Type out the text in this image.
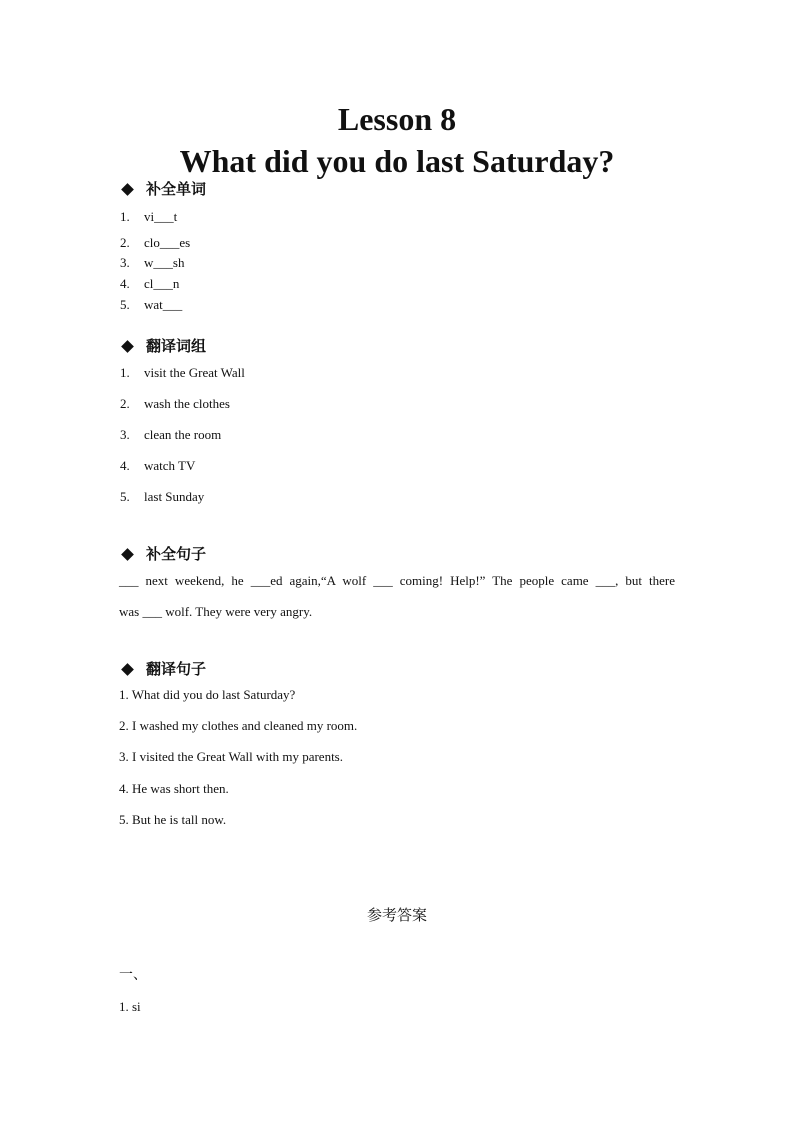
Lesson 8
What did you do last Saturday?
补全单词
1. vi___t
2. clo___es
3. w___sh
4. cl___n
5. wat___
翻译词组
1. visit the Great Wall
2. wash the clothes
3. clean the room
4. watch TV
5. last Sunday
补全句子
___ next weekend, he ___ed again,“A wolf ___ coming! Help!” The people came ___, but there
was ___ wolf. They were very angry.
翻译句子
1. What did you do last Saturday?
2. I washed my clothes and cleaned my room.
3. I visited the Great Wall with my parents.
4. He was short then.
5. But he is tall now.
参考答案
一、
1. si
